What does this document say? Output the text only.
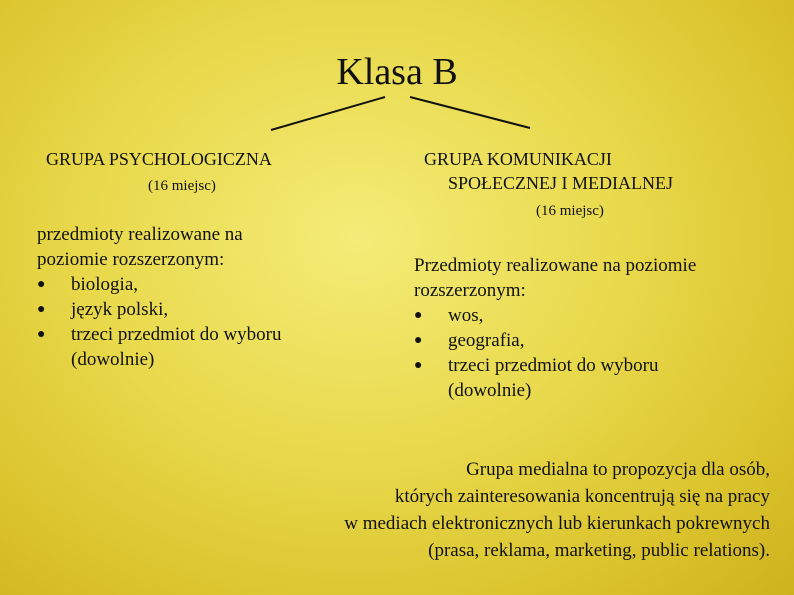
Klasa B
GRUPA PSYCHOLOGICZNA
(16 miejsc)
przedmioty realizowane na
poziomie rozszerzonym:
● biologia,
● język polski,
● trzeci przedmiot do wyboru
(dowolnie)
GRUPA KOMUNIKACJI
SPOŁECZNEJ I MEDIALNEJ
(16 miejsc)
Przedmioty realizowane na poziomie
rozszerzonym:
● wos,
● geografia,
● trzeci przedmiot do wyboru
(dowolnie)
Grupa medialna to propozycja dla osób,
których zainteresowania koncentrują się na pracy
w mediach elektronicznych lub kierunkach pokrewnych
(prasa, reklama, marketing, public relations).
